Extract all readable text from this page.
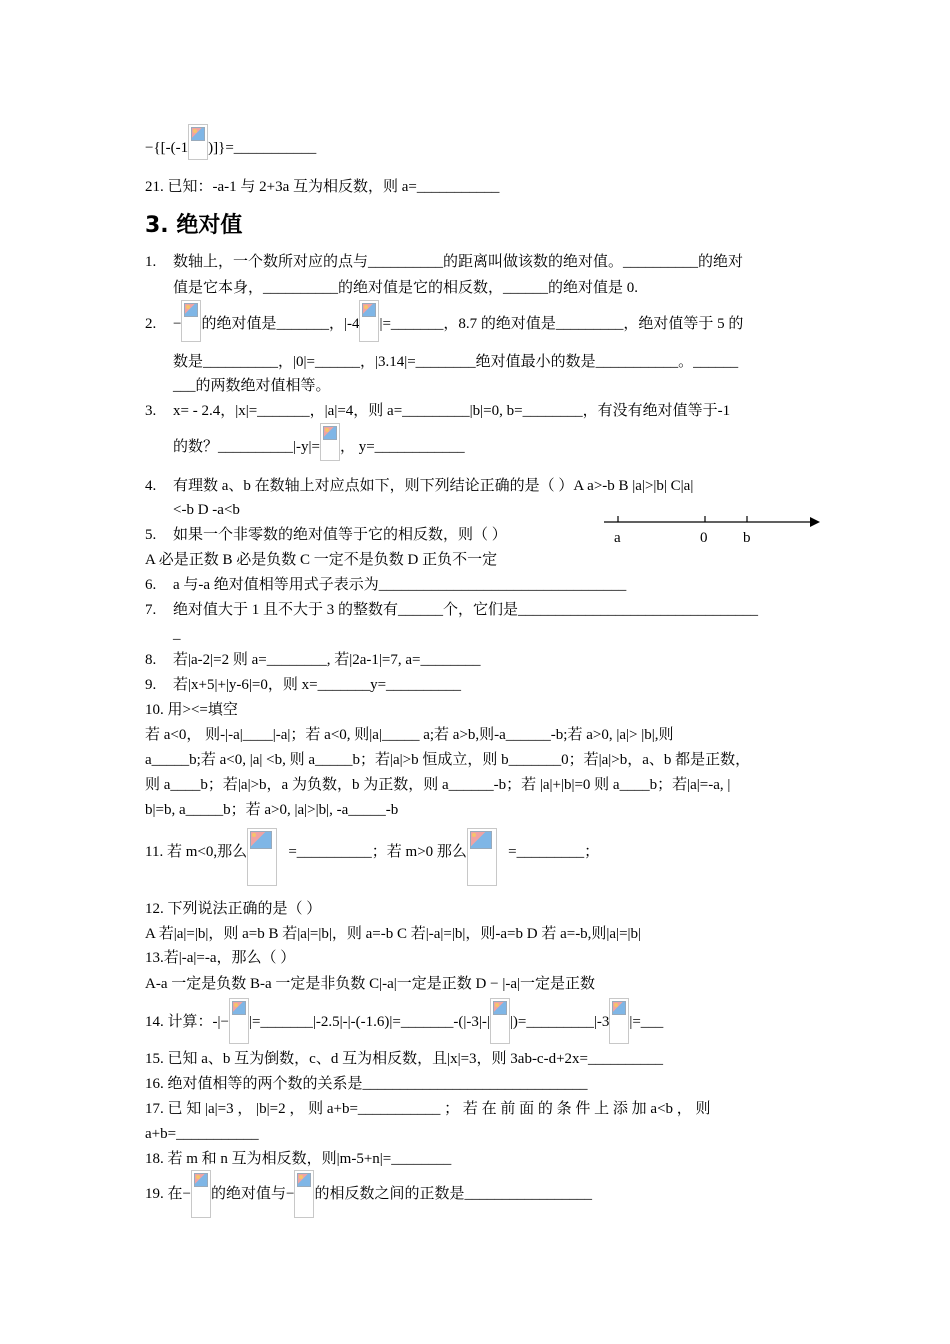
−{[-(-1 )]}=___________
21. 已知：-a-1 与 2+3a 互为相反数，则 a=___________
3. 绝对值
1. 数轴上，一个数所对应的点与__________的距离叫做该数的绝对值。__________的绝对
值是它本身，__________的绝对值是它的相反数，______的绝对值是 0.
2. − 的绝对值是_______，|-4 |=_______，8.7 的绝对值是_________，绝对值等于 5 的
数是__________，|0|=______，|3.14|=________绝对值最小的数是___________。______
___的两数绝对值相等。
3. x= - 2.4，|x|=_______，|a|=4，则 a=_________|b|=0, b=________，有没有绝对值等于-1
的数？__________|-y|= ， y=____________
4. 有理数 a、b 在数轴上对应点如下，则下列结论正确的是（ ）A a>-b B |a|>|b| C|a|
<-b D -a<b
a	0 b
5. 如果一个非零数的绝对值等于它的相反数，则（ ）
A 必是正数 B 必是负数 C 一定不是负数 D 正负不一定
6. a 与-a 绝对值相等用式子表示为_________________________________
7. 绝对值大于 1 且不大于 3 的整数有______个，它们是________________________________
_
8. 若|a-2|=2 则 a=________, 若|2a-1|=7, a=________
9. 若|x+5|+|y-6|=0，则 x=_______y=__________
10. 用><=填空
若 a<0， 则-|-a|____|-a|；若 a<0, 则|a|_____ a;若 a>b,则-a______-b;若 a>0, |a|> |b|,则
a_____b;若 a<0, |a| <b, 则 a_____b；若|a|>b 恒成立，则 b_______0；若|a|>b，a、b 都是正数，
则 a____b；若|a|>b，a 为负数，b 为正数，则 a______-b；若 |a|+|b|=0 则 a____b；若|a|=-a, |
b|=b, a_____b；若 a>0, |a|>|b|, -a_____-b
11. 若 m<0,那么	=__________；若 m>0 那么	=_________；
12. 下列说法正确的是（ ）
A 若|a|=|b|，则 a=b B 若|a|=|b|，则 a=-b C 若|-a|=|b|，则-a=b D 若 a=-b,则|a|=|b|
13.若|-a|=-a，那么（ ）
A-a 一定是负数 B-a 一定是非负数 C|-a|一定是正数 D − |-a|一定是正数
14. 计算：-|− |=_______|-2.5|-|-(-1.6)|=_______-(|-3|-| |)=_________|-3 |=___
15. 已知 a、b 互为倒数，c、d 互为相反数，且|x|=3，则 3ab-c-d+2x=__________
16. 绝对值相等的两个数的关系是______________________________
17. 已 知 |a|=3 ， |b|=2 ， 则 a+b=___________ ； 若 在 前 面 的 条 件 上 添 加 a<b ， 则
a+b=___________
18. 若 m 和 n 互为相反数，则|m-5+n|=________
19. 在− 的绝对值与− 的相反数之间的正数是_________________
